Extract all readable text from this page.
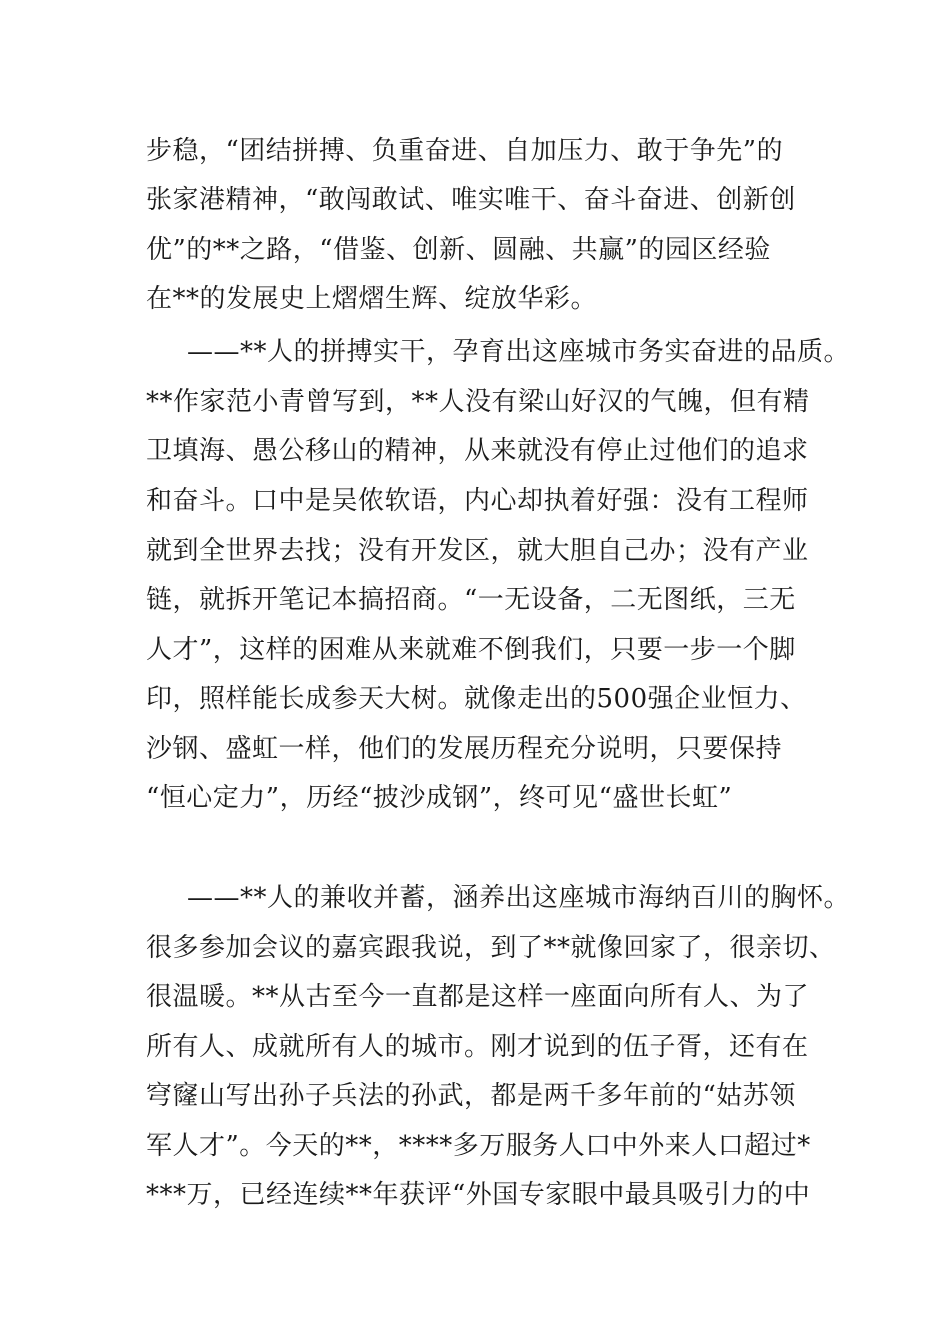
步稳，“团结拼搏、负重奋进、自加压力、敢于争先”的
张家港精神，“敢闯敢试、唯实唯干、奋斗奋进、创新创
优”的**之路，“借鉴、创新、圆融、共赢”的园区经验
在**的发展史上熠熠生辉、绽放华彩。
——**人的拼搏实干，孕育出这座城市务实奋进的品质。
**作家范小青曾写到，**人没有梁山好汉的气魄，但有精
卫填海、愚公移山的精神，从来就没有停止过他们的追求
和奋斗。口中是吴侬软语，内心却执着好强：没有工程师
就到全世界去找；没有开发区，就大胆自己办；没有产业
链，就拆开笔记本搞招商。“一无设备，二无图纸，三无
人才”，这样的困难从来就难不倒我们，只要一步一个脚
印，照样能长成参天大树。就像走出的500强企业恒力、
沙钢、盛虹一样，他们的发展历程充分说明，只要保持
“恒心定力”，历经“披沙成钢”，终可见“盛世长虹”
——**人的兼收并蓄，涵养出这座城市海纳百川的胸怀。
很多参加会议的嘉宾跟我说，到了**就像回家了，很亲切、
很温暖。**从古至今一直都是这样一座面向所有人、为了
所有人、成就所有人的城市。刚才说到的伍子胥，还有在
穹窿山写出孙子兵法的孙武，都是两千多年前的“姑苏领
军人才”。今天的**，****多万服务人口中外来人口超过*
***万，已经连续**年获评“外国专家眼中最具吸引力的中
